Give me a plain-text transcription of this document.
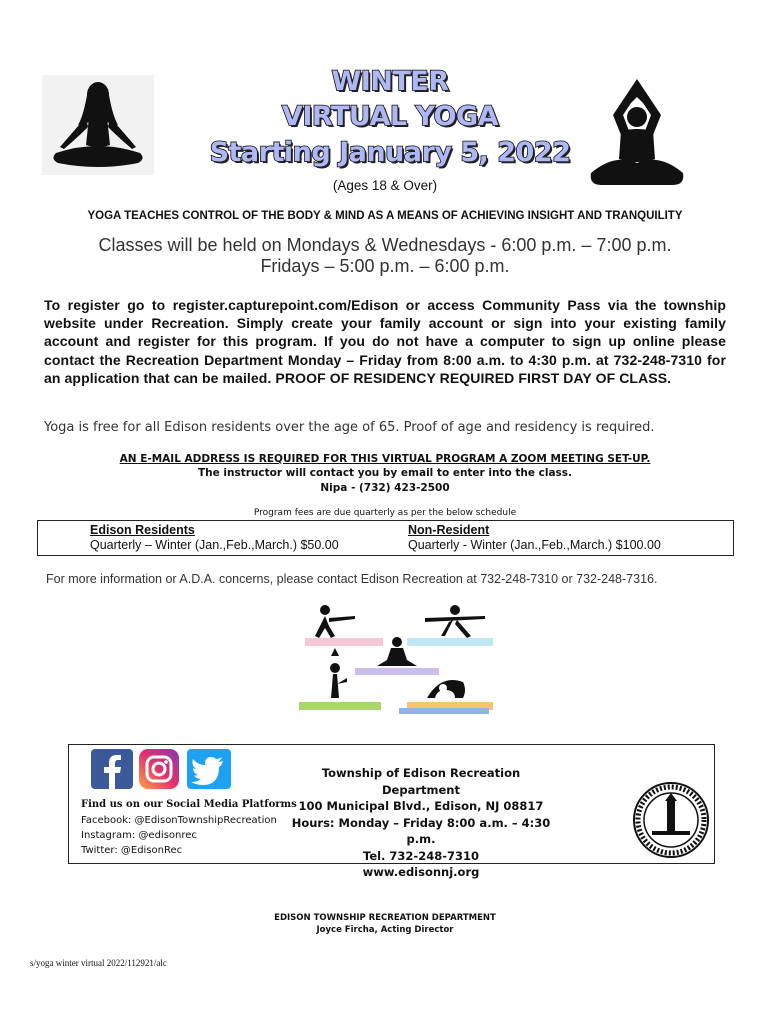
WINTER
VIRTUAL YOGA
Starting January 5, 2022
(Ages 18 & Over)
YOGA TEACHES CONTROL OF THE BODY & MIND AS A MEANS OF ACHIEVING INSIGHT AND TRANQUILITY
Classes will be held on Mondays & Wednesdays - 6:00 p.m. – 7:00 p.m.
Fridays – 5:00 p.m. – 6:00 p.m.
To register go to register.capturepoint.com/Edison or access Community Pass via the township website under Recreation. Simply create your family account or sign into your existing family account and register for this program. If you do not have a computer to sign up online please contact the Recreation Department Monday – Friday from 8:00 a.m. to 4:30 p.m. at 732-248-7310 for an application that can be mailed. PROOF OF RESIDENCY REQUIRED FIRST DAY OF CLASS.
Yoga is free for all Edison residents over the age of 65. Proof of age and residency is required.
AN E-MAIL ADDRESS IS REQUIRED FOR THIS VIRTUAL PROGRAM A ZOOM MEETING SET-UP.
The instructor will contact you by email to enter into the class.
Nipa - (732) 423-2500
Program fees are due quarterly as per the below schedule
Edison Residents
Quarterly – Winter (Jan.,Feb.,March.) $50.00
Non-Resident
Quarterly - Winter (Jan.,Feb.,March.) $100.00
For more information or A.D.A. concerns, please contact Edison Recreation at 732-248-7310 or 732-248-7316.
Find us on our Social Media Platforms
Facebook: @EdisonTownshipRecreation
Instagram: @edisonrec
Twitter: @EdisonRec
Township of Edison Recreation Department
100 Municipal Blvd., Edison, NJ 08817
Hours: Monday – Friday 8:00 a.m. – 4:30 p.m.
Tel. 732-248-7310
www.edisonnj.org
EDISON TOWNSHIP RECREATION DEPARTMENT
Joyce Fircha, Acting Director
s/yoga winter virtual 2022/112921/alc
